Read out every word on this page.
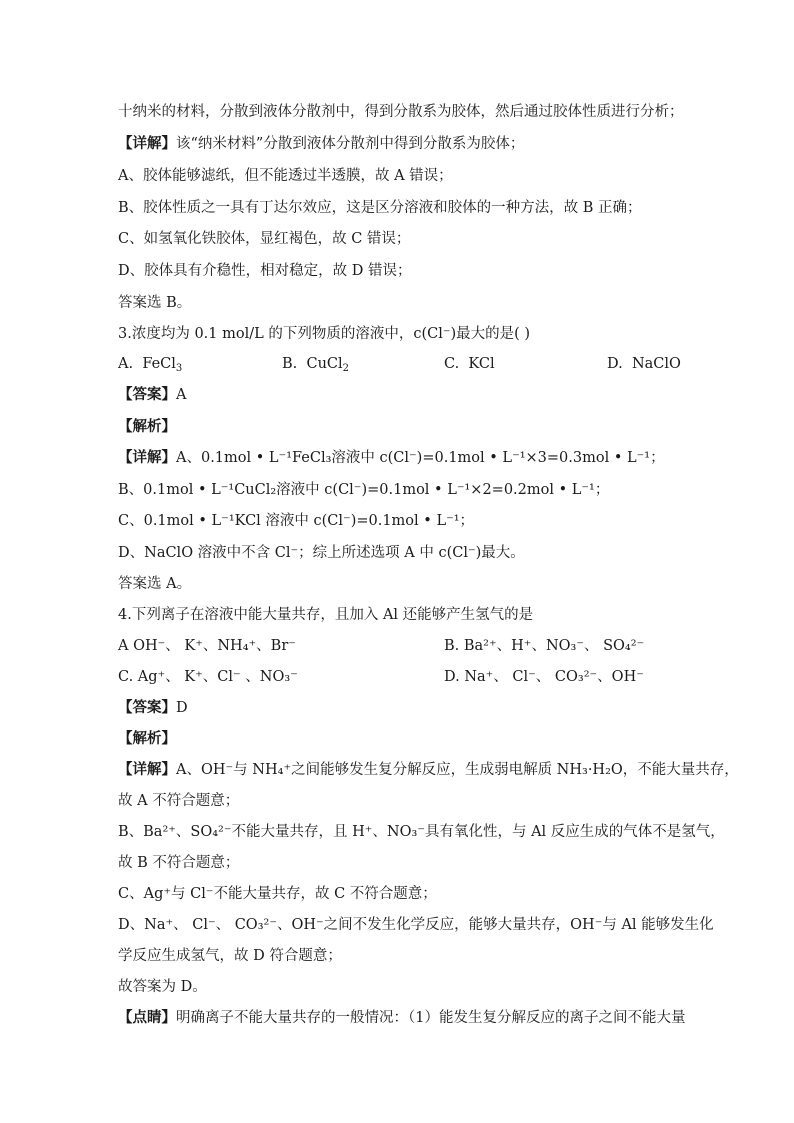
十纳米的材料，分散到液体分散剂中，得到分散系为胶体，然后通过胶体性质进行分析；
【详解】该“纳米材料”分散到液体分散剂中得到分散系为胶体；
A、胶体能够滤纸，但不能透过半透膜，故 A 错误；
B、胶体性质之一具有丁达尔效应，这是区分溶液和胶体的一种方法，故 B 正确；
C、如氢氧化铁胶体，显红褐色，故 C 错误；
D、胶体具有介稳性，相对稳定，故 D 错误；
答案选 B。
3.浓度均为 0.1 mol/L 的下列物质的溶液中，c(Cl⁻)最大的是( )
A. FeCl$_3$	B. CuCl$_2$	C. KCl	D. NaClO
【答案】A
【解析】
【详解】A、0.1mol • L⁻¹FeCl₃溶液中 c(Cl⁻)=0.1mol • L⁻¹×3=0.3mol • L⁻¹；
B、0.1mol • L⁻¹CuCl₂溶液中 c(Cl⁻)=0.1mol • L⁻¹×2=0.2mol • L⁻¹；
C、0.1mol • L⁻¹KCl 溶液中 c(Cl⁻)=0.1mol • L⁻¹；
D、NaClO 溶液中不含 Cl⁻；综上所述选项 A 中 c(Cl⁻)最大。
答案选 A。
4.下列离子在溶液中能大量共存，且加入 Al 还能够产生氢气的是
A OH⁻、 K⁺、NH₄⁺、Br⁻	B. Ba²⁺、H⁺、NO₃⁻、 SO₄²⁻
C. Ag⁺、 K⁺、Cl⁻ 、NO₃⁻	D. Na⁺、 Cl⁻、 CO₃²⁻、OH⁻
【答案】D
【解析】
【详解】A、OH⁻与 NH₄⁺之间能够发生复分解反应，生成弱电解质 NH₃·H₂O，不能大量共存，
故 A 不符合题意；
B、Ba²⁺、SO₄²⁻不能大量共存，且 H⁺、NO₃⁻具有氧化性，与 Al 反应生成的气体不是氢气，
故 B 不符合题意；
C、Ag⁺与 Cl⁻不能大量共存，故 C 不符合题意；
D、Na⁺、 Cl⁻、 CO₃²⁻、OH⁻之间不发生化学反应，能够大量共存，OH⁻与 Al 能够发生化
学反应生成氢气，故 D 符合题意；
故答案为 D。
【点睛】明确离子不能大量共存的一般情况：（1）能发生复分解反应的离子之间不能大量
